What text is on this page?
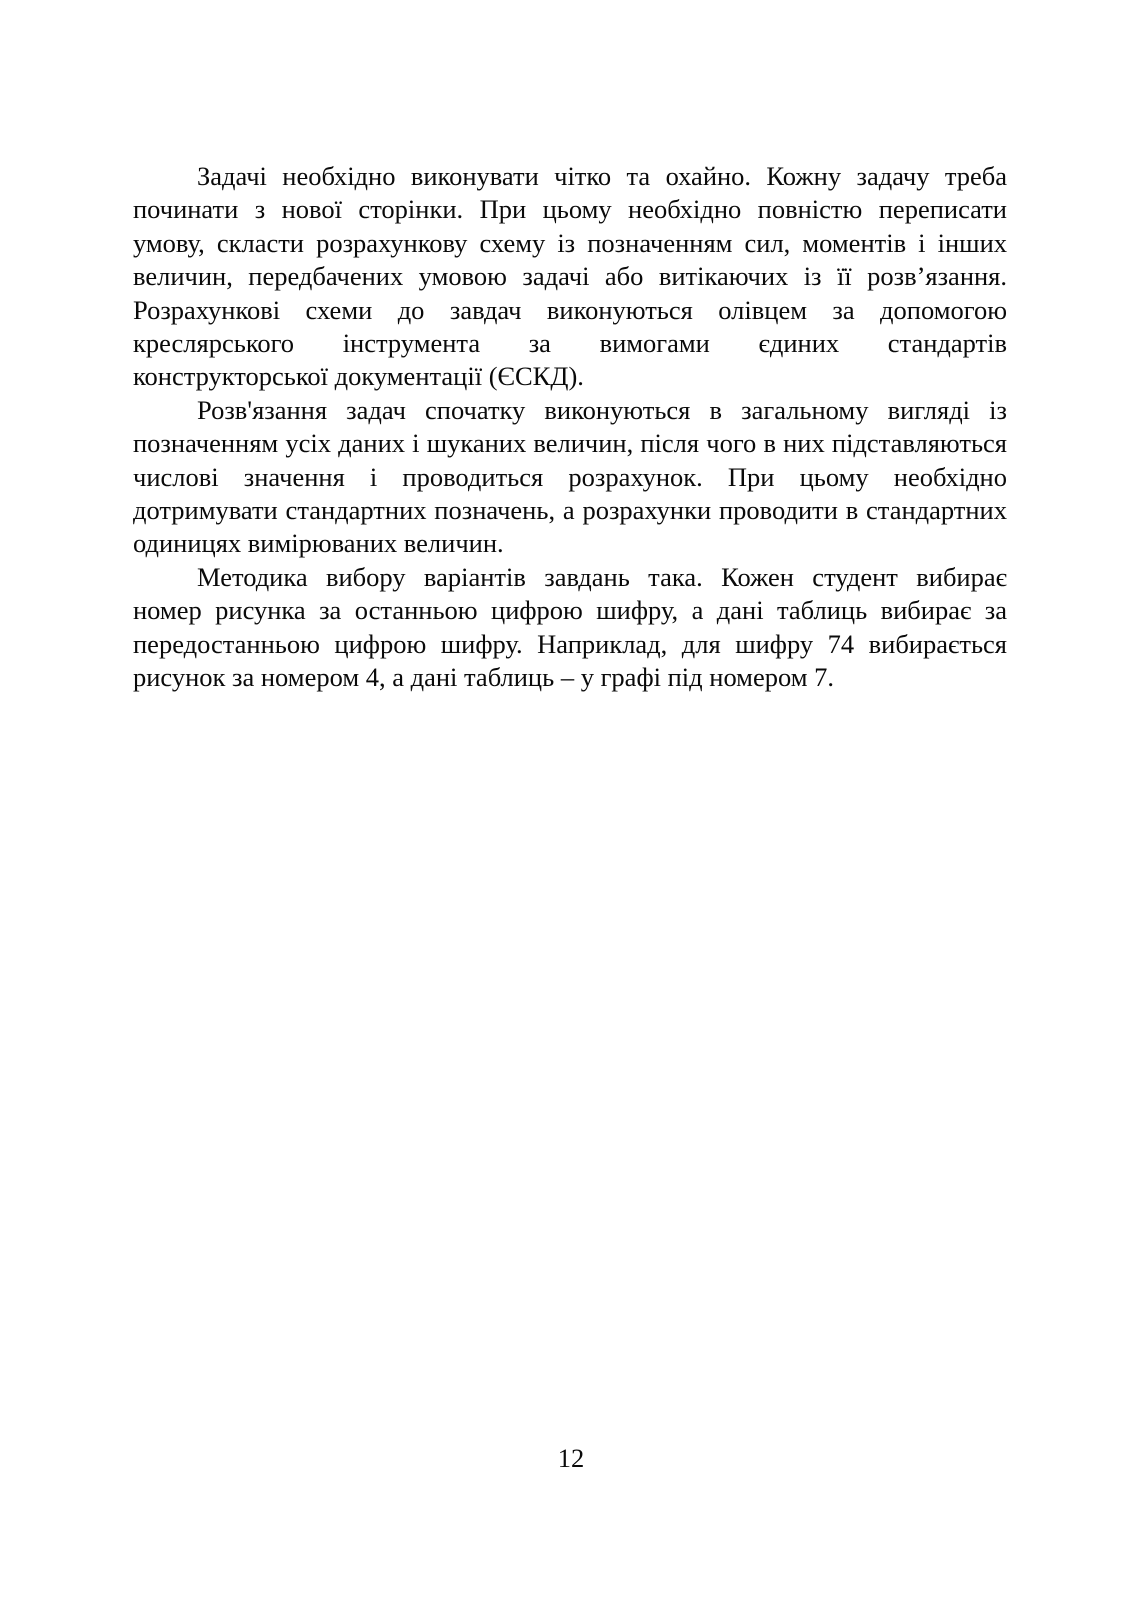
Задачі необхідно виконувати чітко та охайно. Кожну задачу треба
починати з нової сторінки. При цьому необхідно повністю переписати
умову, скласти розрахункову схему із позначенням сил, моментів і інших
величин, передбачених умовою задачі або витікаючих із її розв’язання.
Розрахункові схеми до завдач виконуються олівцем за допомогою
креслярського інструмента за вимогами єдиних стандартів
конструкторської документації (ЄСКД).
Розв'язання задач спочатку виконуються в загальному вигляді із
позначенням усіх даних і шуканих величин, після чого в них підставляються
числові значення і проводиться розрахунок. При цьому необхідно
дотримувати стандартних позначень, а розрахунки проводити в стандартних
одиницях вимірюваних величин.
Методика вибору варіантів завдань така. Кожен студент вибирає
номер рисунка за останньою цифрою шифру, а дані таблиць вибирає за
передостанньою цифрою шифру. Наприклад, для шифру 74 вибирається
рисунок за номером 4, а дані таблиць – у графі під номером 7.
12
